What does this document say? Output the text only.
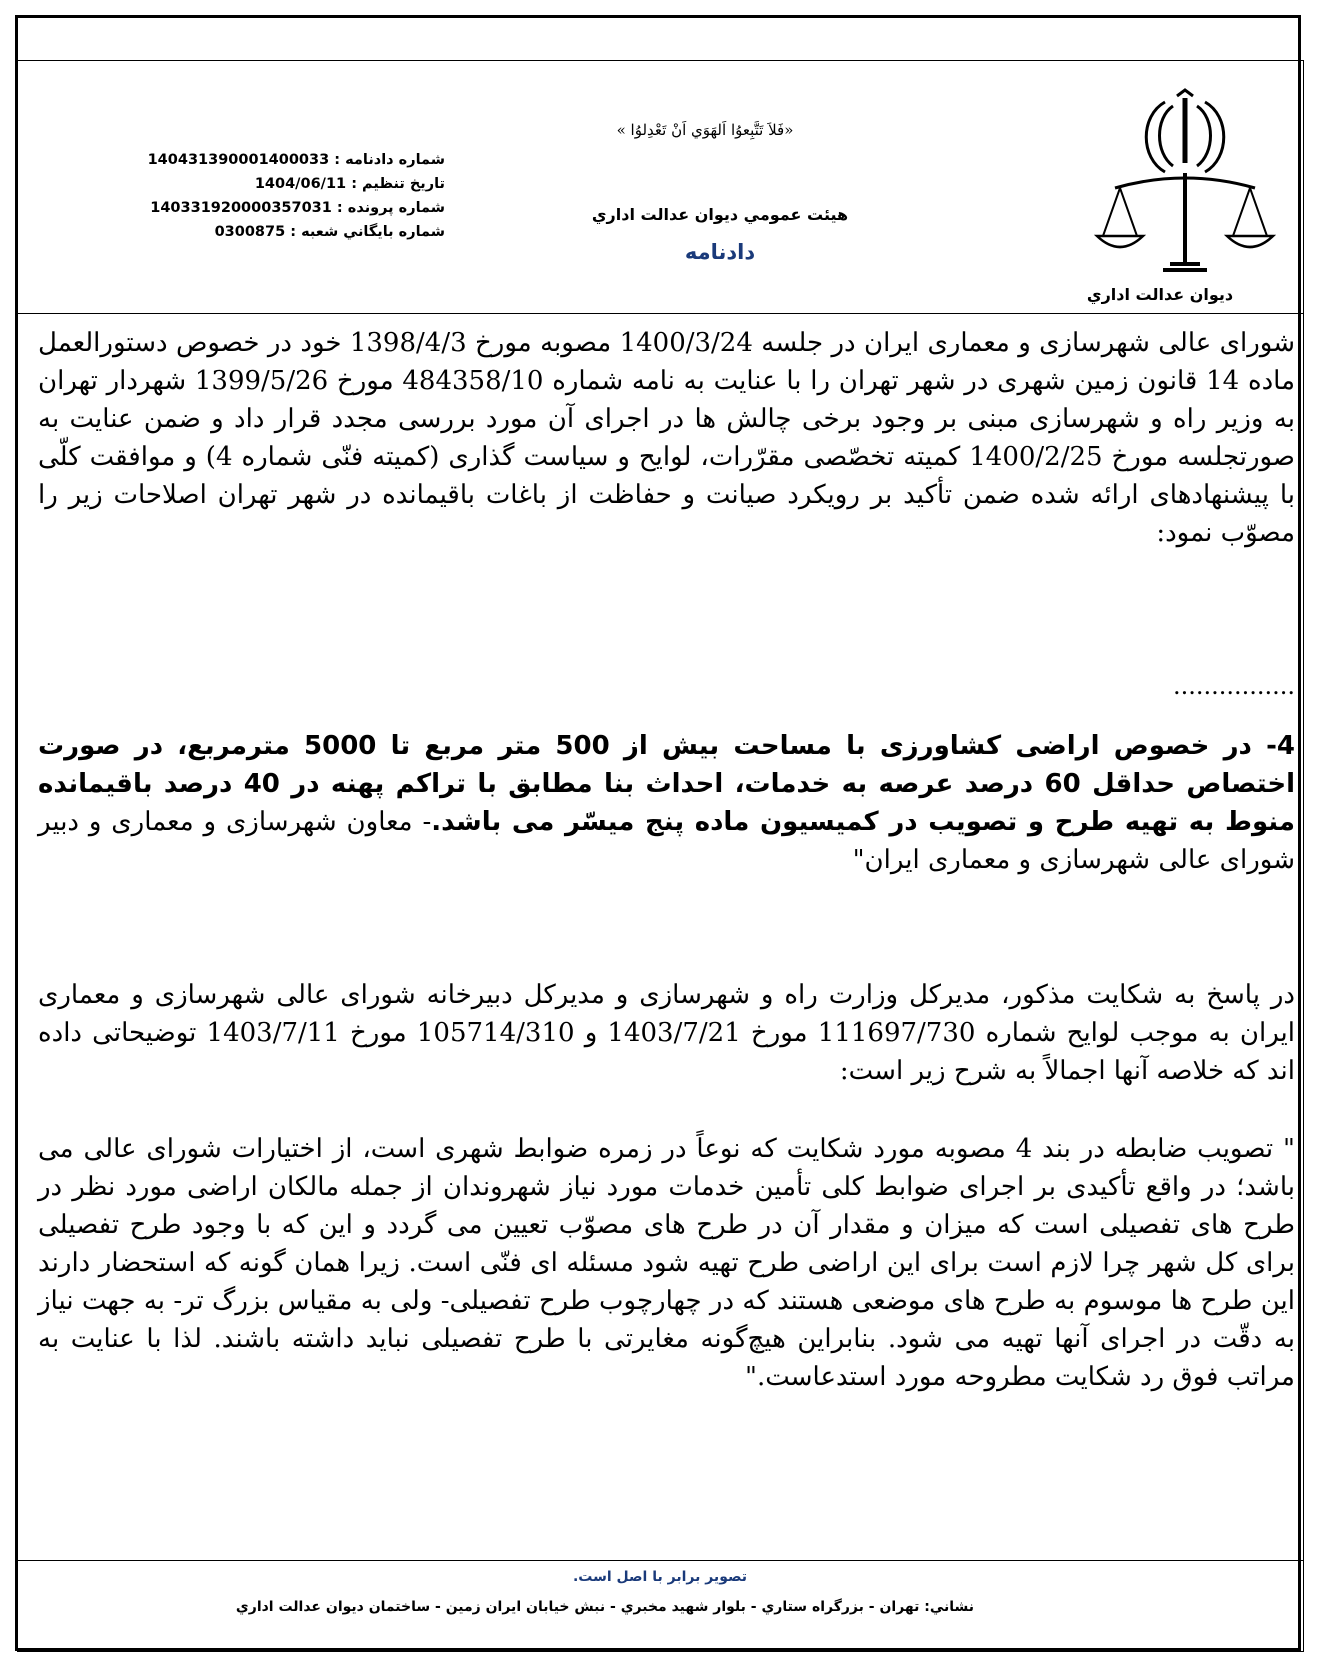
ديوان عدالت اداري
«فَلاَ تَتَّبِعوُا اَلهَوَي اَنْ تَعْدِلوُا »
هيئت عمومي ديوان عدالت اداري
دادنامه
شماره دادنامه : 140431390001400033
تاريخ تنظيم : 1404/06/11
شماره پرونده : 140331920000357031
شماره بايگاني شعبه : 0300875
شورای عالی شهرسازی و معماری ایران در جلسه 1400/3/24 مصوبه مورخ 1398/4/3 خود در خصوص دستورالعمل ماده 14 قانون زمین شهری در شهر تهران را با عنایت به نامه شماره 484358/10 مورخ 1399/5/26 شهردار تهران به وزیر راه و شهرسازی مبنی بر وجود برخی چالش ها در اجرای آن مورد بررسی مجدد قرار داد و ضمن عنایت به صورتجلسه مورخ 1400/2/25 کمیته تخصّصی مقرّرات، لوایح و سیاست گذاری (کمیته فنّی شماره 4) و موافقت کلّی با پیشنهادهای ارائه شده ضمن تأکید بر رویکرد صیانت و حفاظت از باغات باقیمانده در شهر تهران اصلاحات زیر را مصوّب نمود:
................
4- در خصوص اراضی کشاورزی با مساحت بیش از 500 متر مربع تا 5000 مترمربع، در صورت اختصاص حداقل 60 درصد عرصه به خدمات، احداث بنا مطابق با تراکم پهنه در 40 درصد باقیمانده منوط به تهیه طرح و تصویب در کمیسیون ماده پنج میسّر می باشد.- معاون شهرسازی و معماری و دبیر شورای عالی شهرسازی و معماری ایران"
در پاسخ به شکایت مذکور، مدیرکل وزارت راه و شهرسازی و مدیرکل دبیرخانه شورای عالی شهرسازی و معماری ایران به موجب لوایح شماره 111697/730 مورخ 1403/7/21 و 105714/310 مورخ 1403/7/11 توضیحاتی داده اند که خلاصه آنها اجمالاً به شرح زیر است:
" تصویب ضابطه در بند 4 مصوبه مورد شکایت که نوعاً در زمره ضوابط شهری است، از اختیارات شورای عالی می باشد؛ در واقع تأکیدی بر اجرای ضوابط کلی تأمین خدمات مورد نیاز شهروندان از جمله مالکان اراضی مورد نظر در طرح های تفصیلی است که میزان و مقدار آن در طرح های مصوّب تعیین می گردد و این که با وجود طرح تفصیلی برای کل شهر چرا لازم است برای این اراضی طرح تهیه شود مسئله ای فنّی است. زیرا همان گونه که استحضار دارند این طرح ها موسوم به طرح های موضعی هستند که در چهارچوب طرح تفصیلی- ولی به مقیاس بزرگ تر- به جهت نیاز به دقّت در اجرای آنها تهیه می شود. بنابراین هیچ‌گونه مغایرتی با طرح تفصیلی نباید داشته باشند. لذا با عنایت به مراتب فوق رد شکایت مطروحه مورد استدعاست."
تصوير برابر با اصل است.
نشاني: تهران - بزرگراه ستاري - بلوار شهيد مخبري - نبش خيابان ايران زمين - ساختمان ديوان عدالت اداري
